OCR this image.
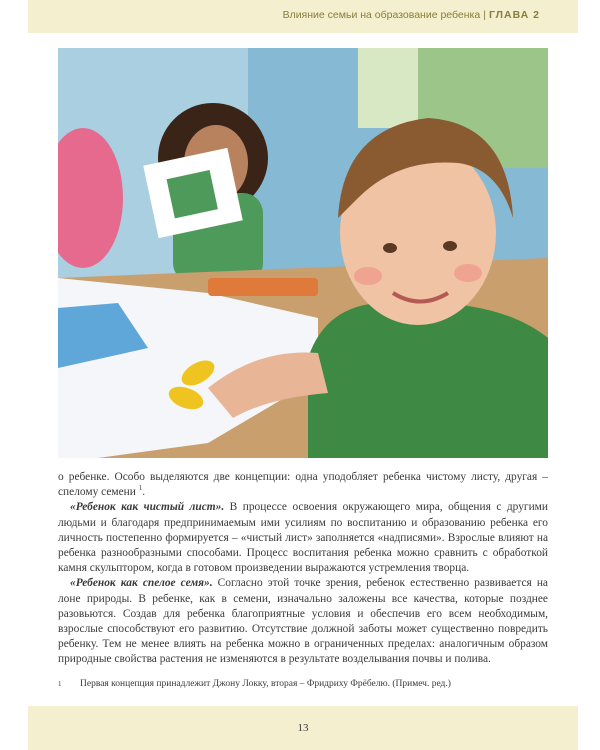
Влияние семьи на образование ребенка | ГЛАВА 2

о ребенке. Особо выделяются две концепции: одна уподобляет ребенка чистому листу, другая – спелому семени $^1$.

«Ребенок как чистый лист». В процессе освоения окружающего мира, общения с другими людьми и благодаря предпринимаемым ими усилиям по воспитанию и образованию ребенка его личность постепенно формируется – «чистый лист» заполняется «надписями». Взрослые влияют на ребенка разнообразными способами. Процесс воспитания ребенка можно сравнить с обработкой камня скульптором, когда в готовом произведении выражаются устремления творца.

«Ребенок как спелое семя». Согласно этой точке зрения, ребенок естественно развивается на лоне природы. В ребенке, как в семени, изначально заложены все качества, которые позднее разовьются. Создав для ребенка благоприятные условия и обеспечив его всем необходимым, взрослые способствуют его развитию. Отсутствие должной заботы может существенно повредить ребенку. Тем не менее влиять на ребенка можно в ограниченных пределах: аналогичным образом природные свойства растения не изменяются в результате возделывания почвы и полива.

1 Первая концепция принадлежит Джону Локку, вторая – Фридриху Фрёбелю. (Примеч. ред.)
13
